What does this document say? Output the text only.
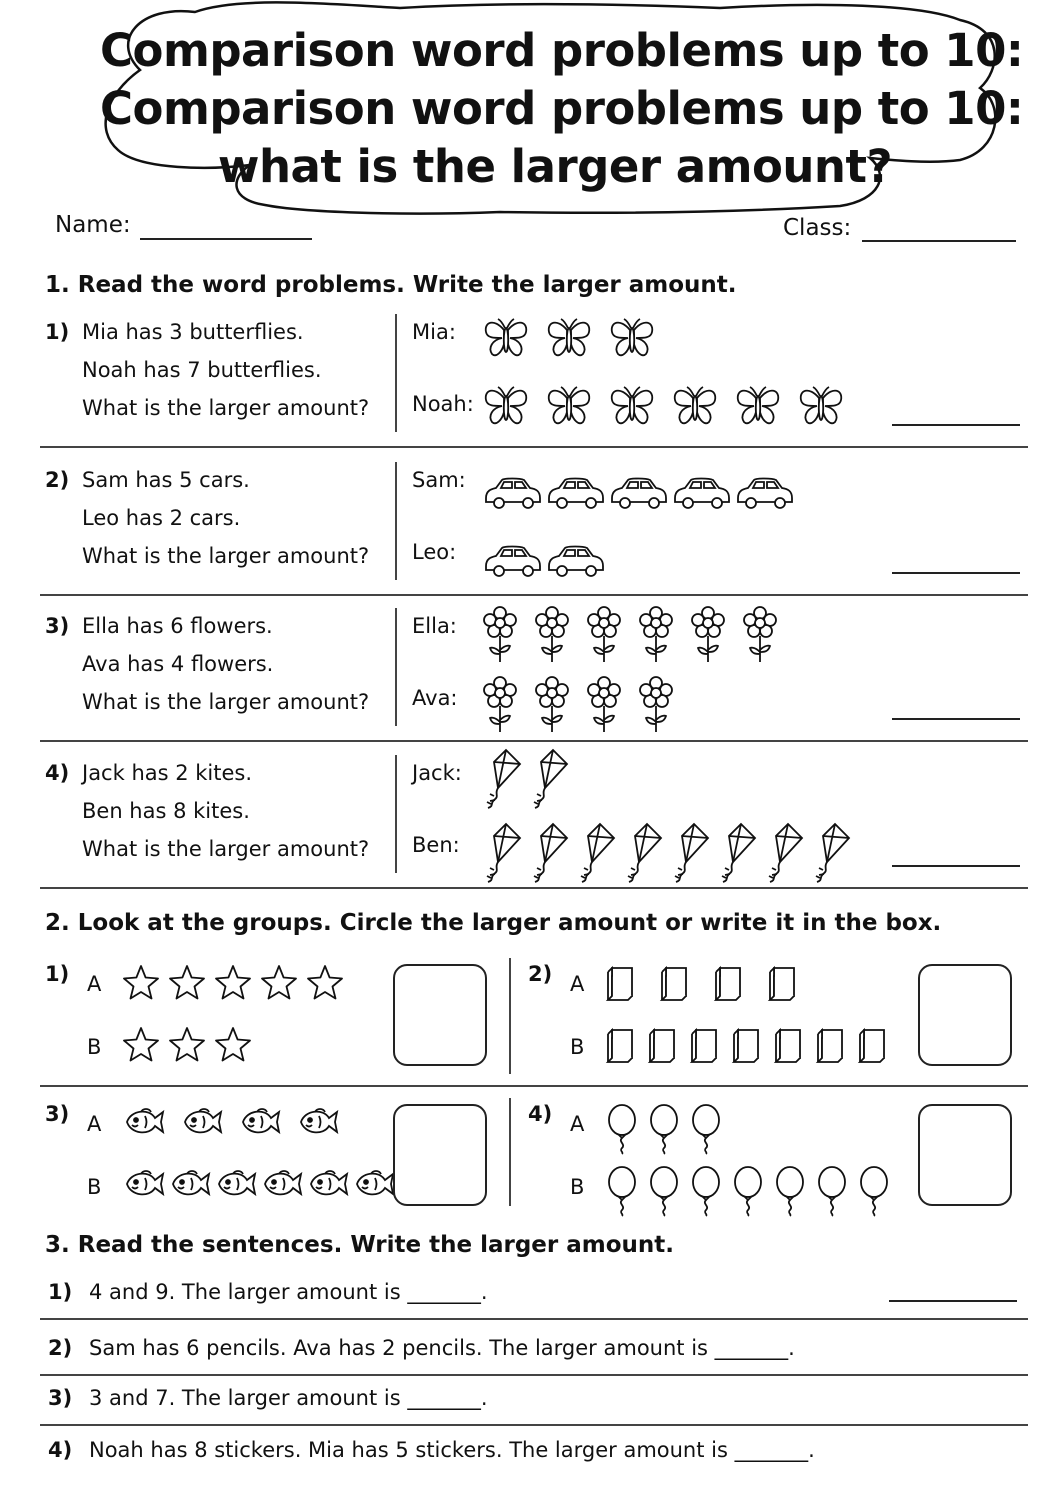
Comparison word problems up to 10:
Comparison word problems up to 10:
what is the larger amount?
Name:	Class:
1. Read the word problems. Write the larger amount.
1) Mia has 3 butterflies.
Noah has 7 butterflies.
What is the larger amount?
Mia:
Noah:
2) Sam has 5 cars.
Leo has 2 cars.
What is the larger amount?
Sam:
Leo:
3) Ella has 6 flowers.
Ava has 4 flowers.
What is the larger amount?
Ella:
Ava:
4) Jack has 2 kites.
Ben has 8 kites.
What is the larger amount?
Jack:
Ben:
2. Look at the groups. Circle the larger amount or write it in the box.
1) A
B
2) A
B
3) A
B
4) A
B
3. Read the sentences. Write the larger amount.
1) 4 and 9. The larger amount is _______.
2) Sam has 6 pencils. Ava has 2 pencils. The larger amount is _______.
3) 3 and 7. The larger amount is _______.
4) Noah has 8 stickers. Mia has 5 stickers. The larger amount is _______.
